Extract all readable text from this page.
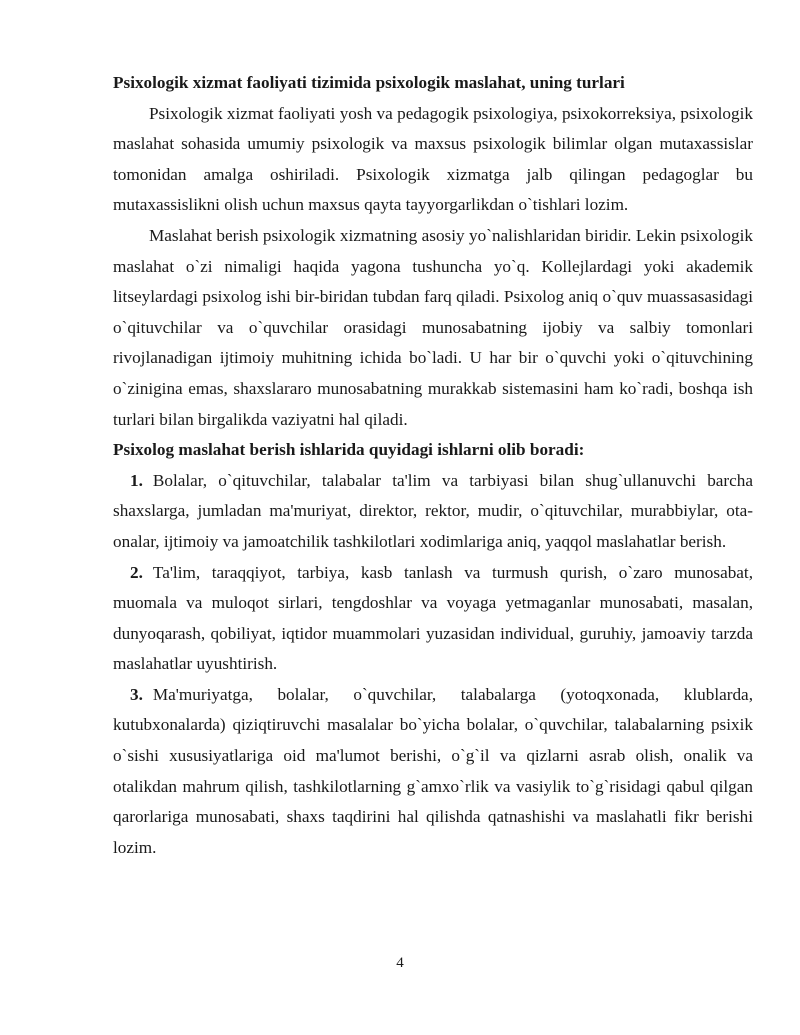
Psixologik xizmat faoliyati tizimida psixologik maslahat, uning turlari

Psixologik xizmat faoliyati yosh va pedagogik psixologiya, psixokorreksiya, psixologik maslahat sohasida umumiy psixologik va maxsus psixologik bilimlar olgan mutaxassislar tomonidan amalga oshiriladi. Psixologik xizmatga jalb qilingan pedagoglar bu mutaxassislikni olish uchun maxsus qayta tayyorgarlikdan o`tishlari lozim.

Maslahat berish psixologik xizmatning asosiy yo`nalishlaridan biridir. Lekin psixologik maslahat o`zi nimaligi haqida yagona tushuncha yo`q. Kollejlardagi yoki akademik litseylardagi psixolog ishi bir-biridan tubdan farq qiladi. Psixolog aniq o`quv muassasasidagi o`qituvchilar va o`quvchilar orasidagi munosabatning ijobiy va salbiy tomonlari rivojlanadigan ijtimoiy muhitning ichida bo`ladi. U har bir o`quvchi yoki o`qituvchining o`zinigina emas, shaxslararo munosabatning murakkab sistemasini ham ko`radi, boshqa ish turlari bilan birgalikda vaziyatni hal qiladi.

Psixolog maslahat berish ishlarida quyidagi ishlarni olib boradi:

1. Bolalar, o`qituvchilar, talabalar ta'lim va tarbiyasi bilan shug`ullanuvchi barcha shaxslarga, jumladan ma'muriyat, direktor, rektor, mudir, o`qituvchilar, murabbiylar, ota-onalar, ijtimoiy va jamoatchilik tashkilotlari xodimlariga aniq, yaqqol maslahatlar berish.
2. Ta'lim, taraqqiyot, tarbiya, kasb tanlash va turmush qurish, o`zaro munosabat, muomala va muloqot sirlari, tengdoshlar va voyaga yetmaganlar munosabati, masalan, dunyoqarash, qobiliyat, iqtidor muammolari yuzasidan individual, guruhiy, jamoaviy tarzda maslahatlar uyushtirish.
3. Ma'muriyatga, bolalar, o`quvchilar, talabalarga (yotoqxonada, klublarda, kutubxonalarda) qiziqtiruvchi masalalar bo`yicha bolalar, o`quvchilar, talabalarning psixik o`sishi xususiyatlariga oid ma'lumot berishi, o`g`il va qizlarni asrab olish, onalik va otalikdan mahrum qilish, tashkilotlarning g`amxo`rlik va vasiylik to`g`risidagi qabul qilgan qarorlariga munosabati, shaxs taqdirini hal qilishda qatnashishi va maslahatli fikr berishi lozim.
4
